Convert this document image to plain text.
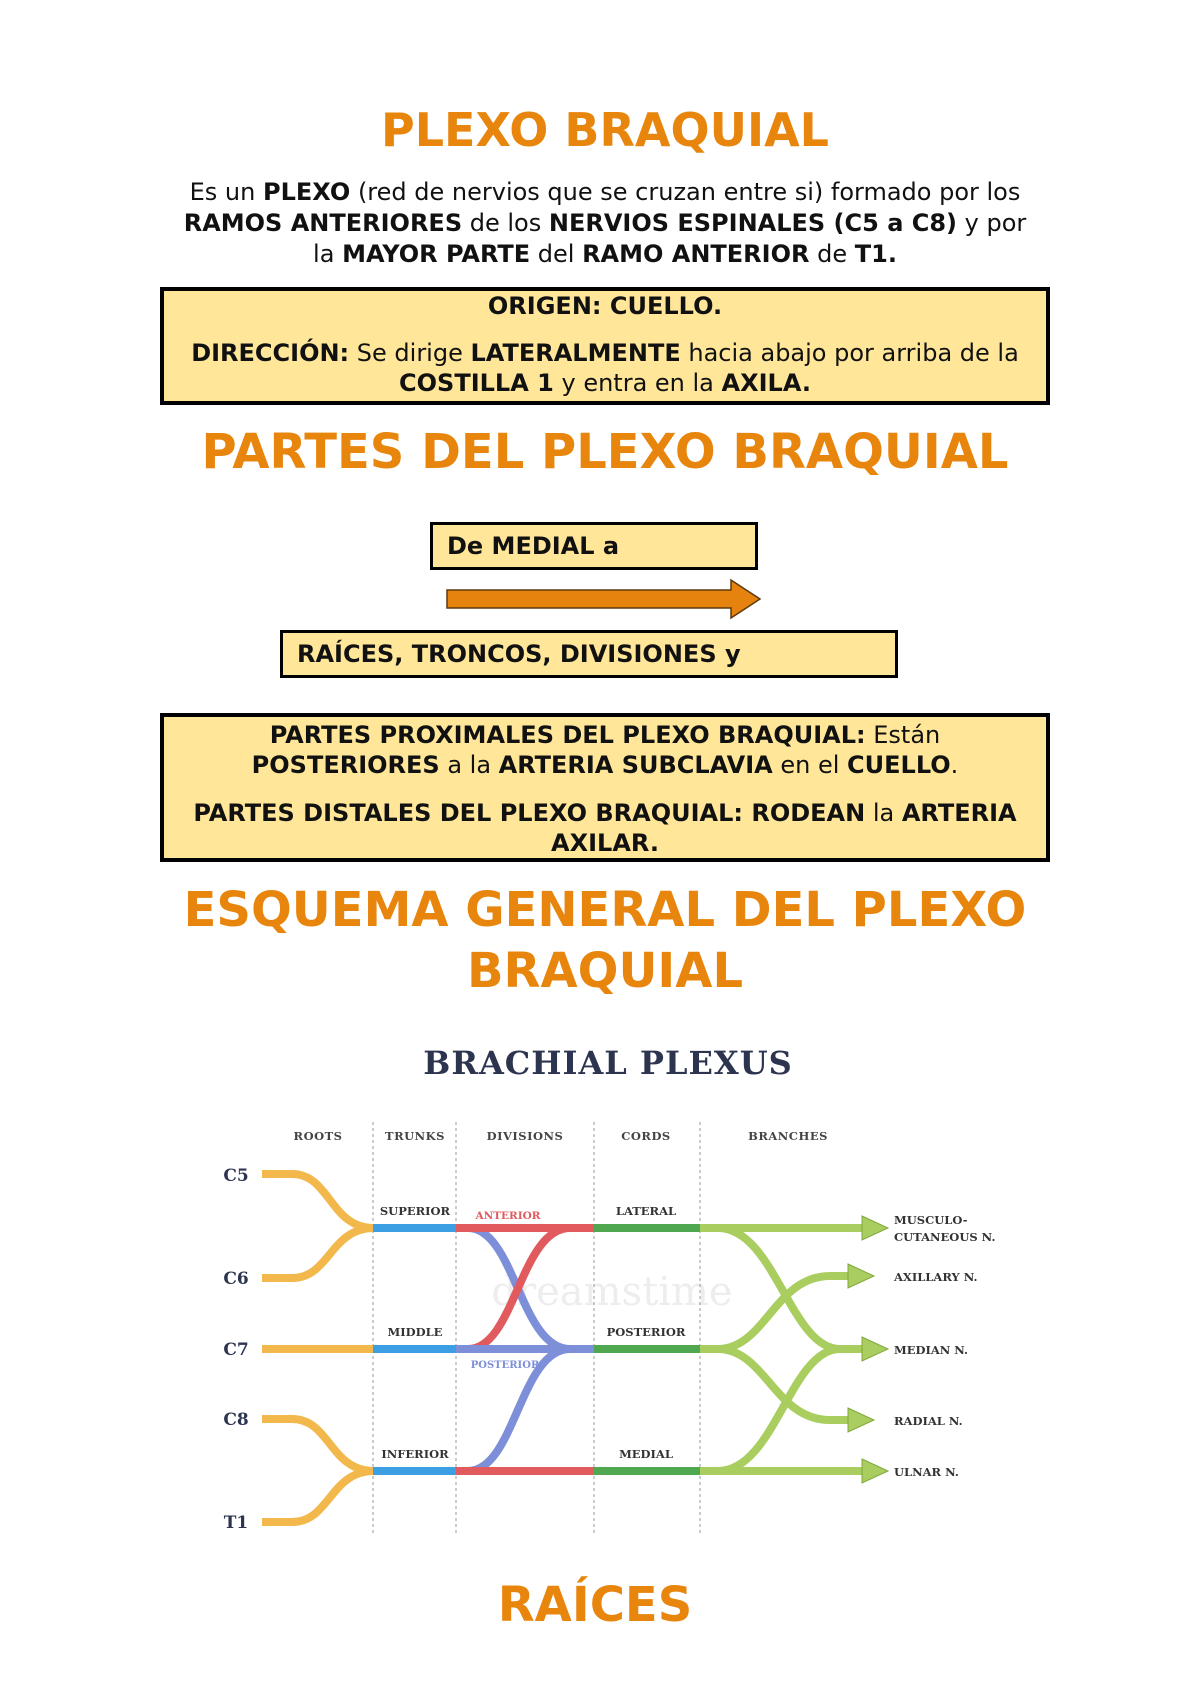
PLEXO BRAQUIAL
Es un PLEXO (red de nervios que se cruzan entre si) formado por los
RAMOS ANTERIORES de los NERVIOS ESPINALES (C5 a C8) y por
la MAYOR PARTE del RAMO ANTERIOR de T1.
ORIGEN: CUELLO.
DIRECCIÓN: Se dirige LATERALMENTE hacia abajo por arriba de la
COSTILLA 1 y entra en la AXILA.
PARTES DEL PLEXO BRAQUIAL
De MEDIAL a
RAÍCES, TRONCOS, DIVISIONES y
PARTES PROXIMALES DEL PLEXO BRAQUIAL: Están
POSTERIORES a la ARTERIA SUBCLAVIA en el CUELLO.
PARTES DISTALES DEL PLEXO BRAQUIAL: RODEAN la ARTERIA
AXILAR.
ESQUEMA GENERAL DEL PLEXO
BRAQUIAL
BRACHIAL PLEXUS
dreamstime
ROOTS	TRUNKS	DIVISIONS	CORDS	BRANCHES
C5
C6
C7
C8
T1
SUPERIOR
MIDDLE
INFERIOR
ANTERIOR
POSTERIOR
LATERAL
POSTERIOR
MEDIAL
MUSCULO-
CUTANEOUS N.
AXILLARY N.
MEDIAN N.
RADIAL N.
ULNAR N.
RAÍCES
